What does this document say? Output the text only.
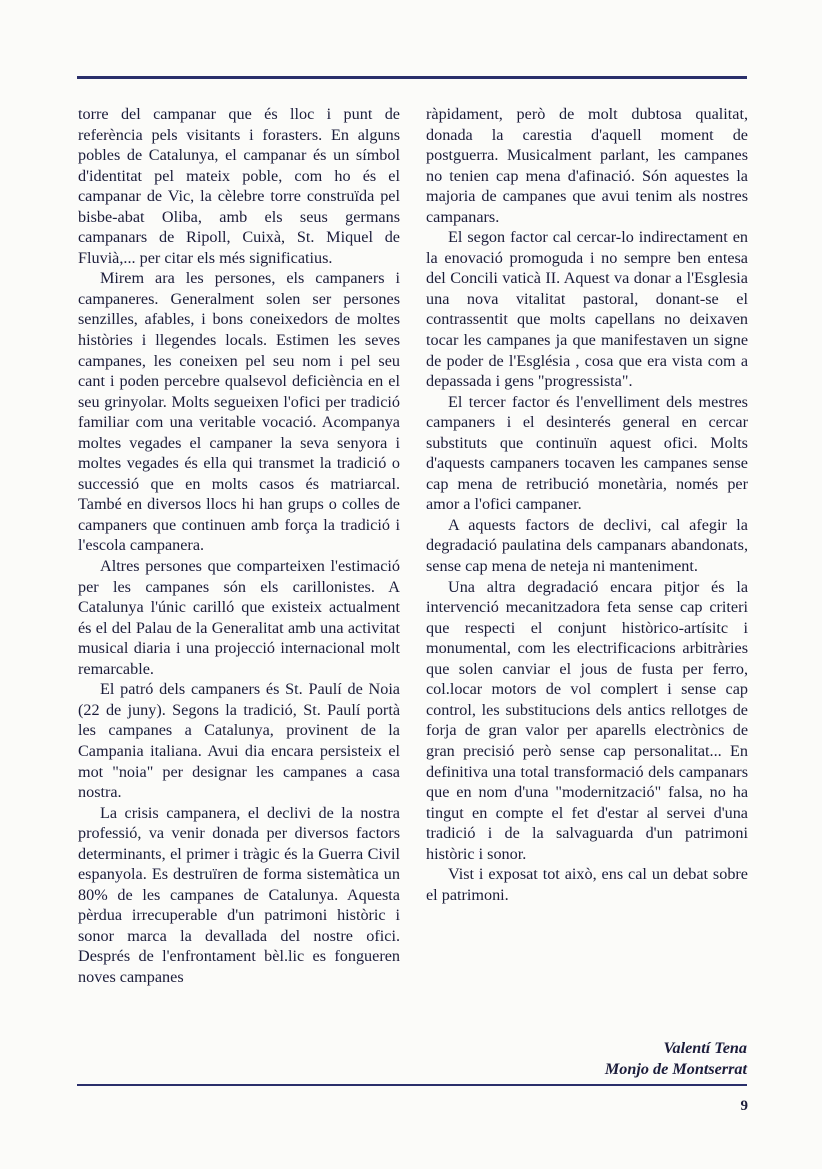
torre del campanar que és lloc i punt de referència pels visitants i forasters. En alguns pobles de Catalunya, el campanar és un símbol d'identitat pel mateix poble, com ho és el campanar de Vic, la cèlebre torre construïda pel bisbe-abat Oliba, amb els seus germans campanars de Ripoll, Cuixà, St. Miquel de Fluvià,... per citar els més significatius.

Mirem ara les persones, els campaners i campaneres. Generalment solen ser persones senzilles, afables, i bons coneixedors de moltes històries i llegendes locals. Estimen les seves campanes, les coneixen pel seu nom i pel seu cant i poden percebre qualsevol deficiència en el seu grinyolar. Molts segueixen l'ofici per tradició familiar com una veritable vocació. Acompanya moltes vegades el campaner la seva senyora i moltes vegades és ella qui transmet la tradició o successió que en molts casos és matriarcal. També en diversos llocs hi han grups o colles de campaners que continuen amb força la tradició i l'escola campanera.

Altres persones que comparteixen l'estimació per les campanes són els carillonistes. A Catalunya l'únic carilló que existeix actualment és el del Palau de la Generalitat amb una activitat musical diaria i una projecció internacional molt remarcable.

El patró dels campaners és St. Paulí de Noia (22 de juny). Segons la tradició, St. Paulí portà les campanes a Catalunya, provinent de la Campania italiana. Avui dia encara persisteix el mot "noia" per designar les campanes a casa nostra.

La crisis campanera, el declivi de la nostra professió, va venir donada per diversos factors determinants, el primer i tràgic és la Guerra Civil espanyola. Es destruïren de forma sistemàtica un 80% de les campanes de Catalunya. Aquesta pèrdua irrecuperable d'un patrimoni històric i sonor marca la devallada del nostre ofici. Després de l'enfrontament bèl.lic es fongueren noves campanes

ràpidament, però de molt dubtosa qualitat, donada la carestia d'aquell moment de postguerra. Musicalment parlant, les campanes no tenien cap mena d'afinació. Són aquestes la majoria de campanes que avui tenim als nostres campanars.

El segon factor cal cercar-lo indirectament en la enovació promoguda i no sempre ben entesa del Concili vaticà II. Aquest va donar a l'Esglesia una nova vitalitat pastoral, donant-se el contrassentit que molts capellans no deixaven tocar les campanes ja que manifestaven un signe de poder de l'Església , cosa que era vista com a depassada i gens "progressista".

El tercer factor és l'envelliment dels mestres campaners i el desinterés general en cercar substituts que continuïn aquest ofici. Molts d'aquests campaners tocaven les campanes sense cap mena de retribució monetària, només per amor a l'ofici campaner.

A aquests factors de declivi, cal afegir la degradació paulatina dels campanars abandonats, sense cap mena de neteja ni manteniment.

Una altra degradació encara pitjor és la intervenció mecanitzadora feta sense cap criteri que respecti el conjunt històrico-artísitc i monumental, com les electrificacions arbitràries que solen canviar el jous de fusta per ferro, col.locar motors de vol complert i sense cap control, les substitucions dels antics rellotges de forja de gran valor per aparells electrònics de gran precisió però sense cap personalitat... En definitiva una total transformació dels campanars que en nom d'una "modernització" falsa, no ha tingut en compte el fet d'estar al servei d'una tradició i de la salvaguarda d'un patrimoni històric i sonor.

Vist i exposat tot això, ens cal un debat sobre el patrimoni.

Valentí Tena
Monjo de Montserrat
9
